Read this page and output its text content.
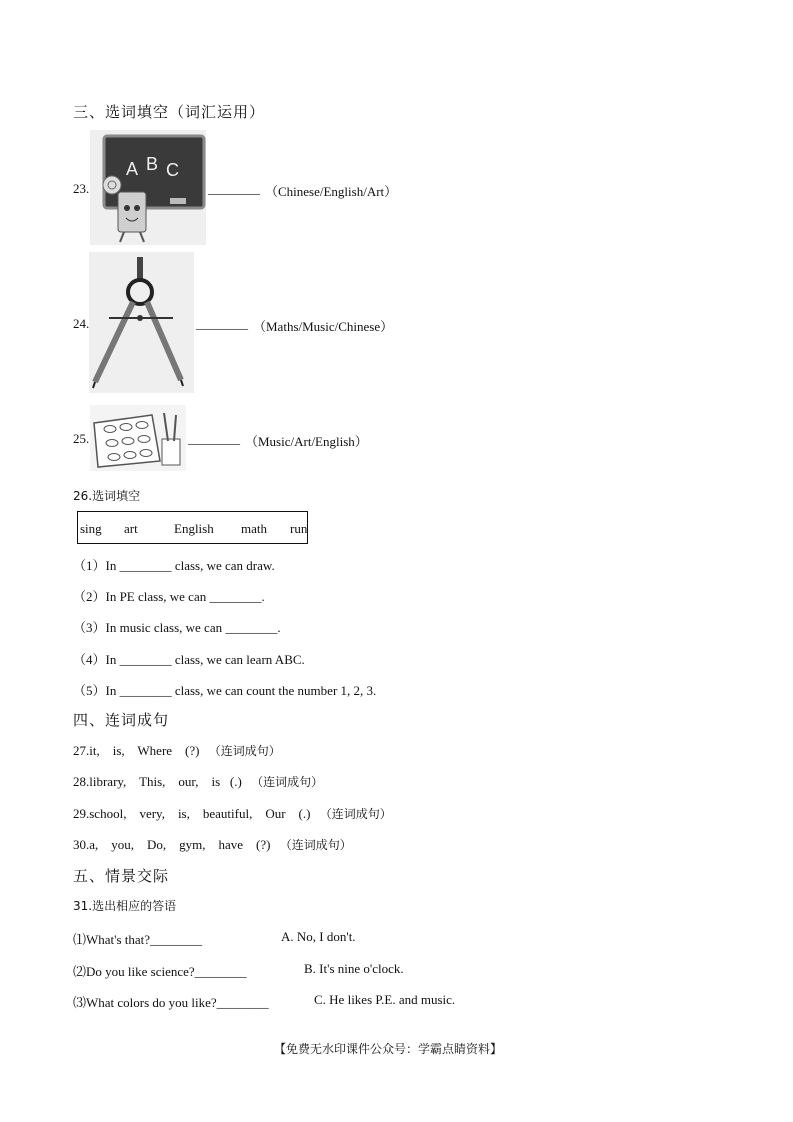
三、选词填空（词汇运用）
23.
A B C
________ （Chinese/English/Art）
24.	________ （Maths/Music/Chinese）
25.	________ （Music/Art/English）
26.选词填空
sing art	English math run
（1）In ________ class, we can draw.
（2）In PE class, we can ________.
（3）In music class, we can ________.
（4）In ________ class, we can learn ABC.
（5）In ________ class, we can count the number 1, 2, 3.
四、连词成句
27.it,    is,    Where    (?) （连词成句）
28.library,    This,    our,    is   (.) （连词成句）
29.school,    very,    is,    beautiful,    Our    (.) （连词成句）
30.a,    you,    Do,    gym,    have    (?) （连词成句）
五、情景交际
31.选出相应的答语
⑴What's that?________	A. No, I don't.
⑵Do you like science?________	B. It's nine o'clock.
⑶What colors do you like?________	C. He likes P.E. and music.
【免费无水印课件公众号：学霸点睛资料】
